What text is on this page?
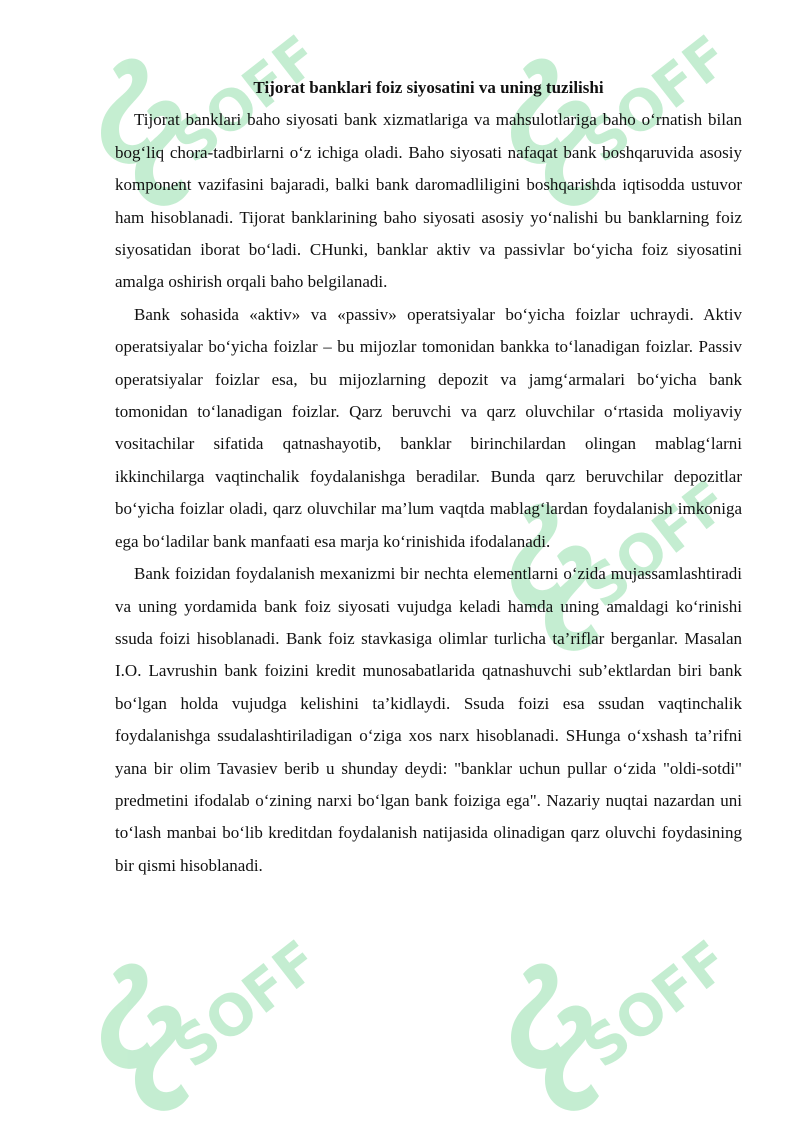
SOFF	SOFF
SOFF
SOFF	SOFF

Tijorat banklari foiz siyosatini va uning tuzilishi

Tijorat banklari baho siyosati bank xizmatlariga va mahsulotlariga baho o‘rnatish bilan bog‘liq chora-tadbirlarni o‘z ichiga oladi. Baho siyosati nafaqat bank boshqaruvida asosiy komponent vazifasini bajaradi, balki bank daromadliligini boshqarishda iqtisodda ustuvor ham hisoblanadi. Tijorat banklarining baho siyosati asosiy yo‘nalishi bu banklarning foiz siyosatidan iborat bo‘ladi. CHunki, banklar aktiv va passivlar bo‘yicha foiz siyosatini amalga oshirish orqali baho belgilanadi.

Bank sohasida «aktiv» va «passiv» operatsiyalar bo‘yicha foizlar uchraydi. Aktiv operatsiyalar bo‘yicha foizlar – bu mijozlar tomonidan bankka to‘lanadigan foizlar. Passiv operatsiyalar foizlar esa, bu mijozlarning depozit va jamg‘armalari bo‘yicha bank tomonidan to‘lanadigan foizlar. Qarz beruvchi va qarz oluvchilar o‘rtasida moliyaviy vositachilar sifatida qatnashayotib, banklar birinchilardan olingan mablag‘larni ikkinchilarga vaqtinchalik foydalanishga beradilar. Bunda qarz beruvchilar depozitlar bo‘yicha foizlar oladi, qarz oluvchilar ma’lum vaqtda mablag‘lardan foydalanish imkoniga ega bo‘ladilar bank manfaati esa marja ko‘rinishida ifodalanadi.

Bank foizidan foydalanish mexanizmi bir nechta elementlarni o‘zida mujassamlashtiradi va uning yordamida bank foiz siyosati vujudga keladi hamda uning amaldagi ko‘rinishi ssuda foizi hisoblanadi. Bank foiz stavkasiga olimlar turlicha ta’riflar berganlar. Masalan I.O. Lavrushin bank foizini kredit munosabatlarida qatnashuvchi sub’ektlardan biri bank bo‘lgan holda vujudga kelishini ta’kidlaydi. Ssuda foizi esa ssudan vaqtinchalik foydalanishga ssudalashtiriladigan o‘ziga xos narx hisoblanadi. SHunga o‘xshash ta’rifni yana bir olim Tavasiev berib u shunday deydi: "banklar uchun pullar o‘zida "oldi-sotdi" predmetini ifodalab o‘zining narxi bo‘lgan bank foiziga ega". Nazariy nuqtai nazardan uni to‘lash manbai bo‘lib kreditdan foydalanish natijasida olinadigan qarz oluvchi foydasining bir qismi hisoblanadi.
